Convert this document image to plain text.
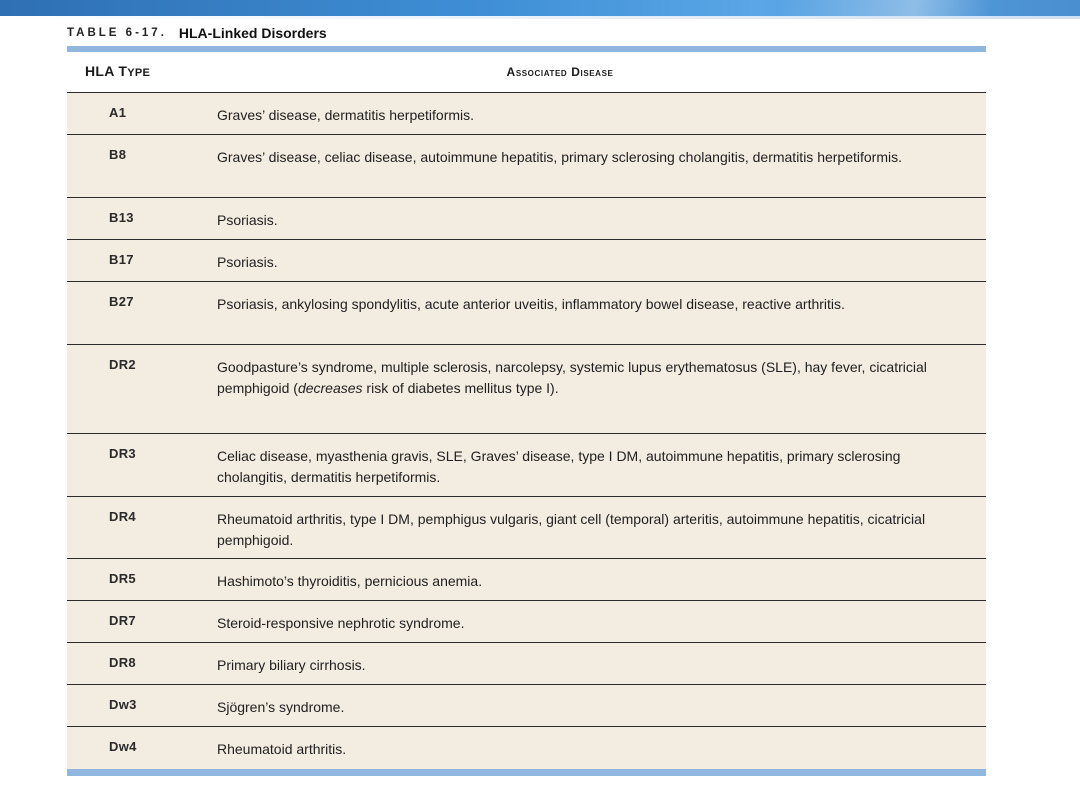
TABLE 6-17. HLA-Linked Disorders
HLA TYPE	Associated Disease
A1	Graves’ disease, dermatitis herpetiformis.
B8	Graves’ disease, celiac disease, autoimmune hepatitis, primary sclerosing cholangitis, dermatitis herpetiformis.
B13	Psoriasis.
B17	Psoriasis.
B27	Psoriasis, ankylosing spondylitis, acute anterior uveitis, inflammatory bowel disease, reactive arthritis.
DR2	Goodpasture’s syndrome, multiple sclerosis, narcolepsy, systemic lupus erythematosus (SLE), hay fever, cicatricial pemphigoid (decreases risk of diabetes mellitus type I).
DR3	Celiac disease, myasthenia gravis, SLE, Graves’ disease, type I DM, autoimmune hepatitis, primary sclerosing cholangitis, dermatitis herpetiformis.
DR4	Rheumatoid arthritis, type I DM, pemphigus vulgaris, giant cell (temporal) arteritis, autoimmune hepatitis, cicatricial pemphigoid.
DR5	Hashimoto’s thyroiditis, pernicious anemia.
DR7	Steroid-responsive nephrotic syndrome.
DR8	Primary biliary cirrhosis.
Dw3	Sjögren’s syndrome.
Dw4	Rheumatoid arthritis.
